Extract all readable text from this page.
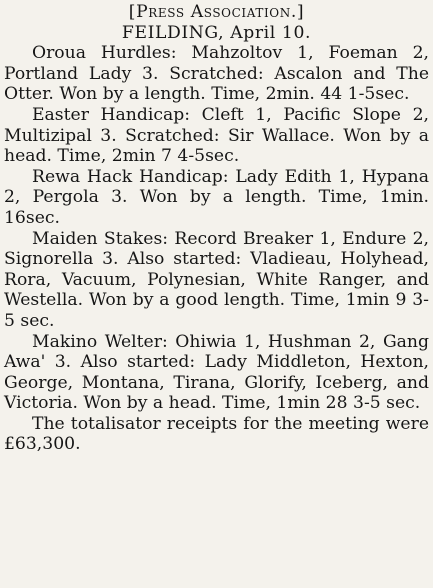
[Press Association.]
FEILDING, April 10.

Oroua Hurdles: Mahzoltov 1, Foeman 2, Portland Lady 3. Scratched: Ascalon and The Otter. Won by a length. Time, 2min. 44 1-5sec.

Easter Handicap: Cleft 1, Pacific Slope 2, Multizipal 3. Scratched: Sir Wallace. Won by a head. Time, 2min 7 4-5sec.

Rewa Hack Handicap: Lady Edith 1, Hypana 2, Pergola 3. Won by a length. Time, 1min. 16sec.

Maiden Stakes: Record Breaker 1, Endure 2, Signorella 3. Also started: Vladieau, Holyhead, Rora, Vacuum, Polynesian, White Ranger, and Westella. Won by a good length. Time, 1min 9 3-5 sec.

Makino Welter: Ohiwia 1, Hushman 2, Gang Awa' 3. Also started: Lady Middleton, Hexton, George, Montana, Tirana, Glorify, Iceberg, and Victoria. Won by a head. Time, 1min 28 3-5 sec.

The totalisator receipts for the meeting were £63,300.
